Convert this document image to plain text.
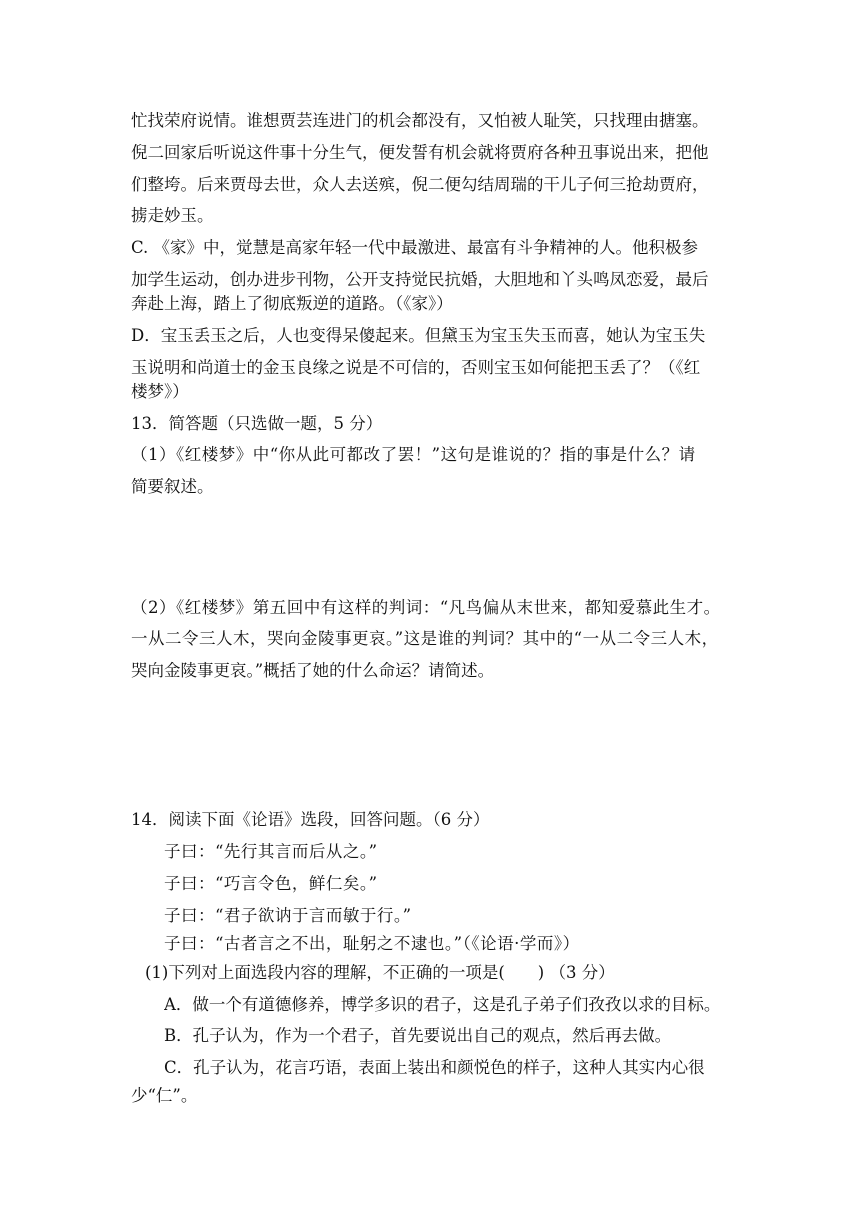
忙找荣府说情。谁想贾芸连进门的机会都没有，又怕被人耻笑，只找理由搪塞。
倪二回家后听说这件事十分生气，便发誓有机会就将贾府各种丑事说出来，把他
们整垮。后来贾母去世，众人去送殡，倪二便勾结周瑞的干儿子何三抢劫贾府，
掳走妙玉。
C. 《家》中，觉慧是高家年轻一代中最激进、最富有斗争精神的人。他积极参
加学生运动，创办进步刊物，公开支持觉民抗婚，大胆地和丫头鸣凤恋爱，最后
奔赴上海，踏上了彻底叛逆的道路。（《家》）
D．宝玉丢玉之后，人也变得呆傻起来。但黛玉为宝玉失玉而喜，她认为宝玉失
玉说明和尚道士的金玉良缘之说是不可信的，否则宝玉如何能把玉丢了？（《红
楼梦》）
13．简答题（只选做一题，5 分）
（1）《红楼梦》中“你从此可都改了罢！”这句是谁说的？指的事是什么？请
简要叙述。
（2）《红楼梦》第五回中有这样的判词：“凡鸟偏从末世来，都知爱慕此生才。
一从二令三人木，哭向金陵事更哀。”这是谁的判词？其中的“一从二令三人木，
哭向金陵事更哀。”概括了她的什么命运？请简述。
14．阅读下面《论语》选段，回答问题。（6 分）
子曰：“先行其言而后从之。”
子曰：“巧言令色，鲜仁矣。”
子曰：“君子欲讷于言而敏于行。”
子曰：“古者言之不出，耻躬之不逮也。”（《论语·学而》）
(1)下列对上面选段内容的理解，不正确的一项是(　　) （3 分）
A．做一个有道德修养，博学多识的君子，这是孔子弟子们孜孜以求的目标。
B．孔子认为，作为一个君子，首先要说出自己的观点，然后再去做。
C．孔子认为，花言巧语，表面上装出和颜悦色的样子，这种人其实内心很
少“仁”。
